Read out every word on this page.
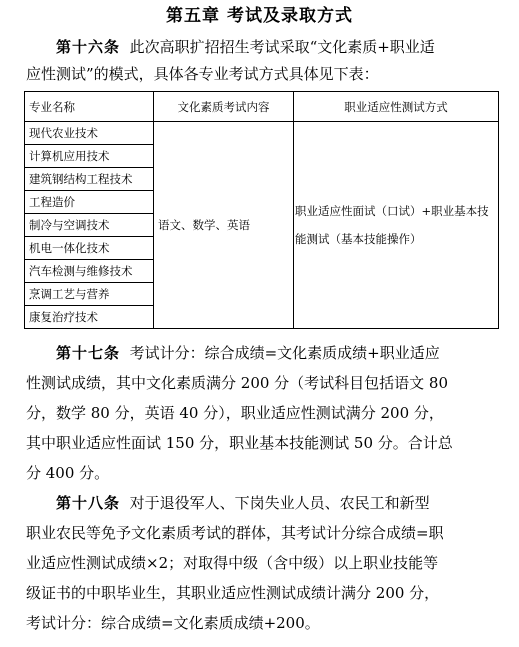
第五章 考试及录取方式
第十六条 此次高职扩招招生考试采取“文化素质+职业适
应性测试”的模式，具体各专业考试方式具体见下表：
专业名称	文化素质考试内容	职业适应性测试方式
现代农业技术	语文、数学、英语	职业适应性面试（口试）+职业基本技能测试（基本技能操作）
计算机应用技术		
建筑钢结构工程技术		
工程造价		
制冷与空调技术		
机电一体化技术		
汽车检测与维修技术		
烹调工艺与营养		
康复治疗技术		
第十七条 考试计分：综合成绩=文化素质成绩+职业适应
性测试成绩，其中文化素质满分 200 分（考试科目包括语文 80
分，数学 80 分，英语 40 分），职业适应性测试满分 200 分，
其中职业适应性面试 150 分，职业基本技能测试 50 分。合计总
分 400 分。
第十八条 对于退役军人、下岗失业人员、农民工和新型
职业农民等免予文化素质考试的群体，其考试计分综合成绩=职
业适应性测试成绩×2；对取得中级（含中级）以上职业技能等
级证书的中职毕业生，其职业适应性测试成绩计满分 200 分，
考试计分：综合成绩=文化素质成绩+200。
